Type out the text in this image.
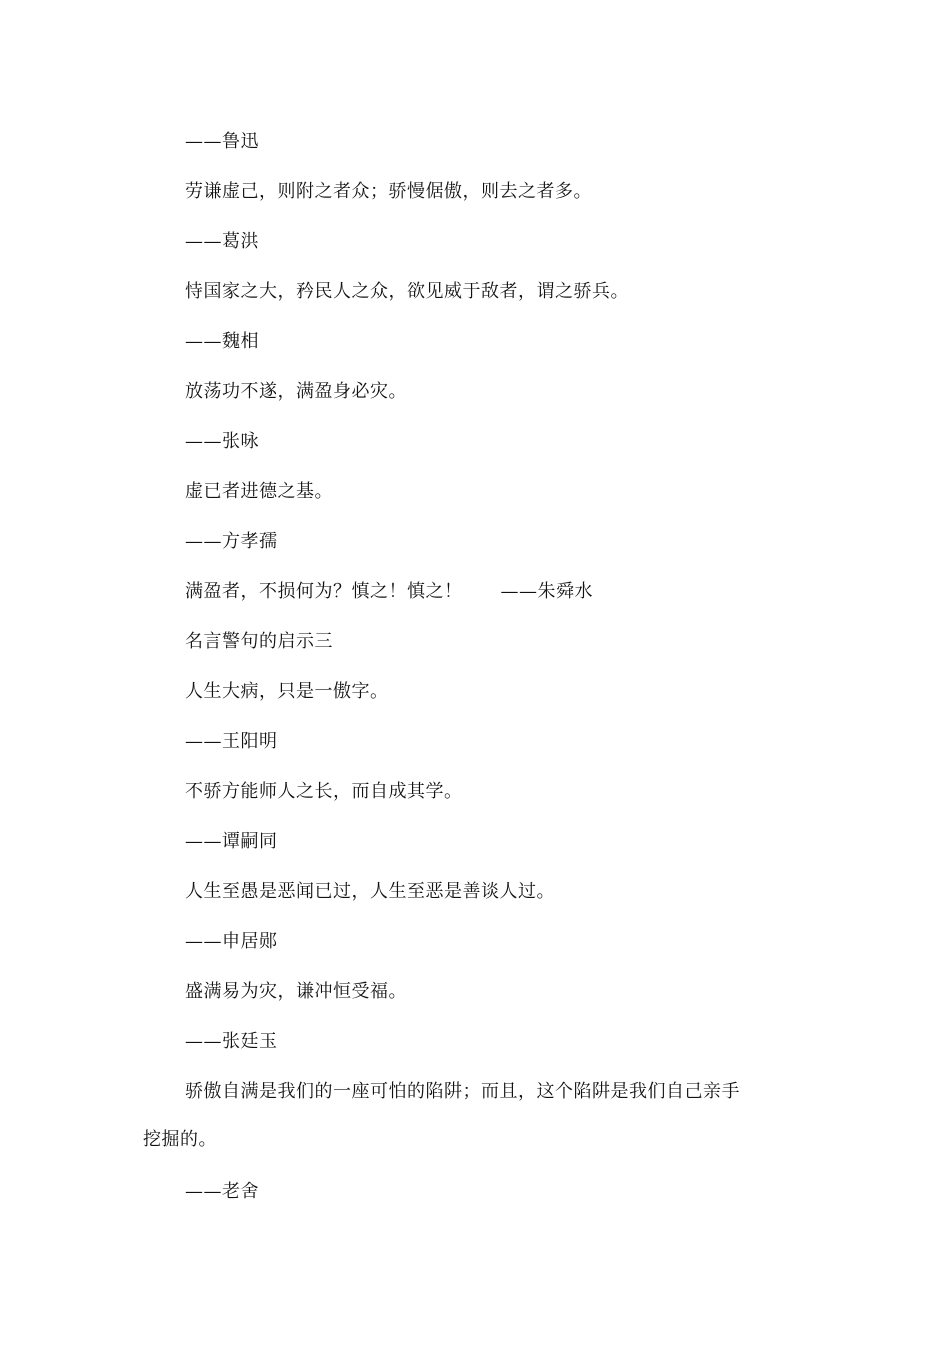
——鲁迅
劳谦虚己，则附之者众；骄慢倨傲，则去之者多。
——葛洪
恃国家之大，矜民人之众，欲见威于敌者，谓之骄兵。
——魏相
放荡功不遂，满盈身必灾。
——张咏
虚已者进德之基。
——方孝孺
满盈者，不损何为？慎之！慎之！ ——朱舜水
名言警句的启示三
人生大病，只是一傲字。
——王阳明
不骄方能师人之长，而自成其学。
——谭嗣同
人生至愚是恶闻已过，人生至恶是善谈人过。
——申居郧
盛满易为灾，谦冲恒受福。
——张廷玉
骄傲自满是我们的一座可怕的陷阱；而且，这个陷阱是我们自己亲手
挖掘的。
——老舍
